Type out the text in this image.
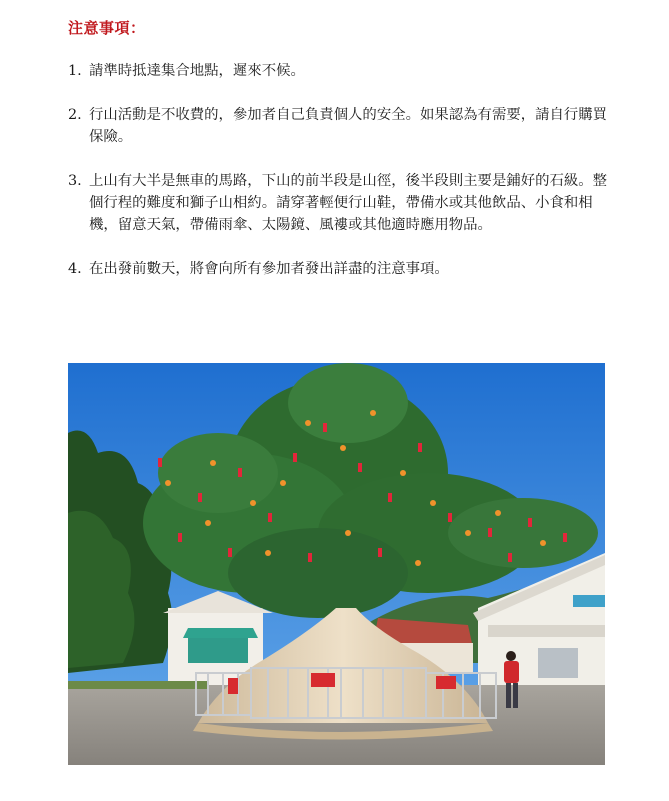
注意事項：
1. 請準時抵達集合地點，遲來不候。
2. 行山活動是不收費的，參加者自己負責個人的安全。如果認為有需要，請自行購買保險。
3. 上山有大半是無車的馬路，下山的前半段是山徑，後半段則主要是鋪好的石級。整個行程的難度和獅子山相約。請穿著輕便行山鞋，帶備水或其他飲品、小食和相機，留意天氣，帶備雨傘、太陽鏡、風褸或其他適時應用物品。
4. 在出發前數天，將會向所有參加者發出詳盡的注意事項。
